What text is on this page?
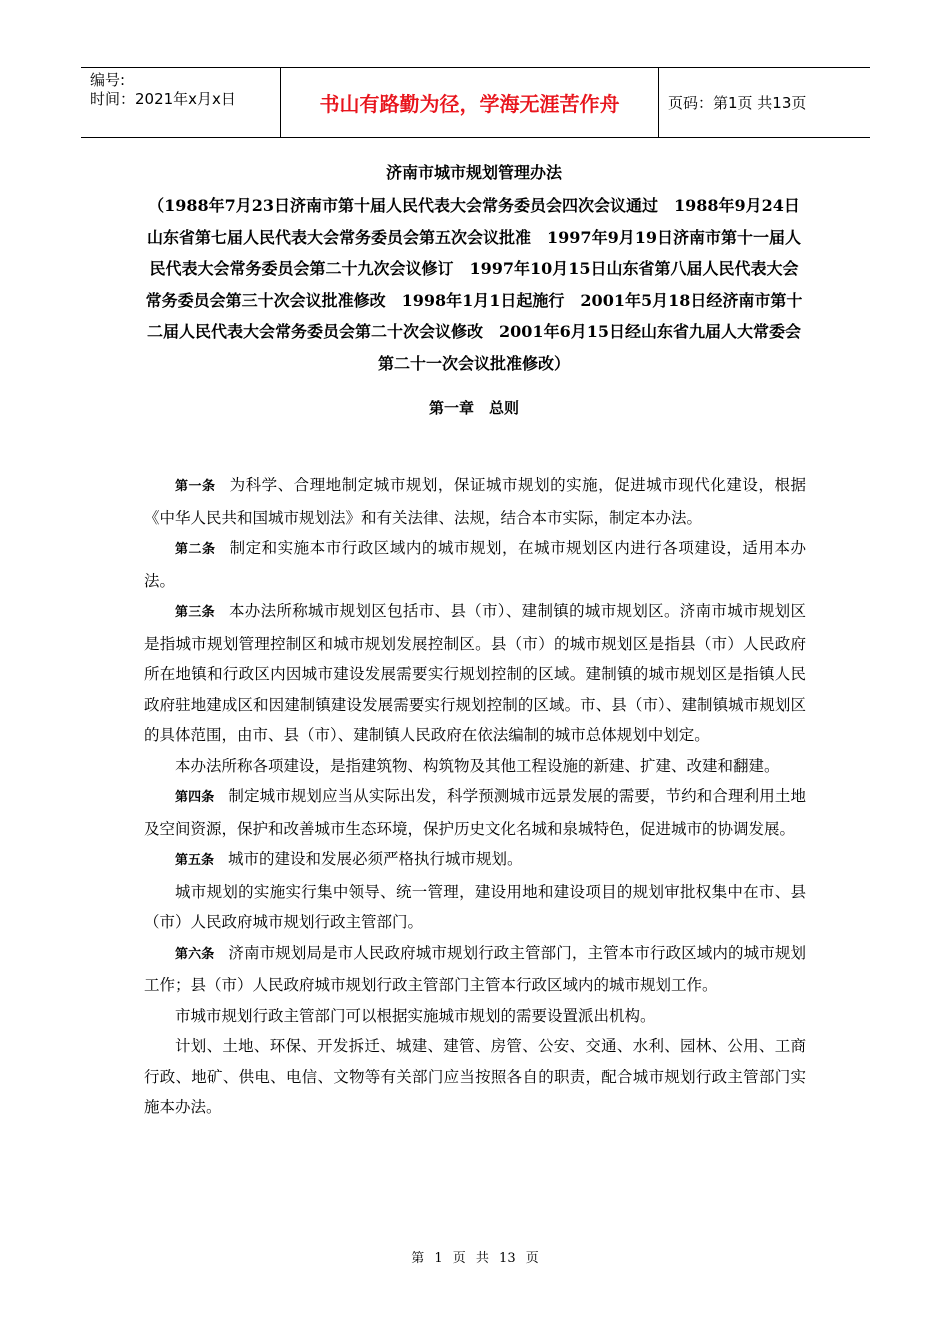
编号:
时间：2021年x月x日	书山有路勤为径，学海无涯苦作舟	页码：第1页 共13页
济南市城市规划管理办法
（1988年7月23日济南市第十届人民代表大会常务委员会四次会议通过　1988年9月24日山东省第七届人民代表大会常务委员会第五次会议批准　1997年9月19日济南市第十一届人民代表大会常务委员会第二十九次会议修订　1997年10月15日山东省第八届人民代表大会常务委员会第三十次会议批准修改　1998年1月1日起施行　2001年5月18日经济南市第十二届人民代表大会常务委员会第二十次会议修改　2001年6月15日经山东省九届人大常委会第二十一次会议批准修改）
第一章　总则

第一条 为科学、合理地制定城市规划，保证城市规划的实施，促进城市现代化建设，根据《中华人民共和国城市规划法》和有关法律、法规，结合本市实际，制定本办法。

第二条 制定和实施本市行政区域内的城市规划，在城市规划区内进行各项建设，适用本办法。

第三条 本办法所称城市规划区包括市、县（市）、建制镇的城市规划区。济南市城市规划区是指城市规划管理控制区和城市规划发展控制区。县（市）的城市规划区是指县（市）人民政府所在地镇和行政区内因城市建设发展需要实行规划控制的区域。建制镇的城市规划区是指镇人民政府驻地建成区和因建制镇建设发展需要实行规划控制的区域。市、县（市）、建制镇城市规划区的具体范围，由市、县（市）、建制镇人民政府在依法编制的城市总体规划中划定。

本办法所称各项建设，是指建筑物、构筑物及其他工程设施的新建、扩建、改建和翻建。

第四条 制定城市规划应当从实际出发，科学预测城市远景发展的需要，节约和合理利用土地及空间资源，保护和改善城市生态环境，保护历史文化名城和泉城特色，促进城市的协调发展。

第五条 城市的建设和发展必须严格执行城市规划。

城市规划的实施实行集中领导、统一管理，建设用地和建设项目的规划审批权集中在市、县（市）人民政府城市规划行政主管部门。

第六条 济南市规划局是市人民政府城市规划行政主管部门，主管本市行政区域内的城市规划工作；县（市）人民政府城市规划行政主管部门主管本行政区域内的城市规划工作。

市城市规划行政主管部门可以根据实施城市规划的需要设置派出机构。

计划、土地、环保、开发拆迁、城建、建管、房管、公安、交通、水利、园林、公用、工商行政、地矿、供电、电信、文物等有关部门应当按照各自的职责，配合城市规划行政主管部门实施本办法。

第 1 页 共 13 页
